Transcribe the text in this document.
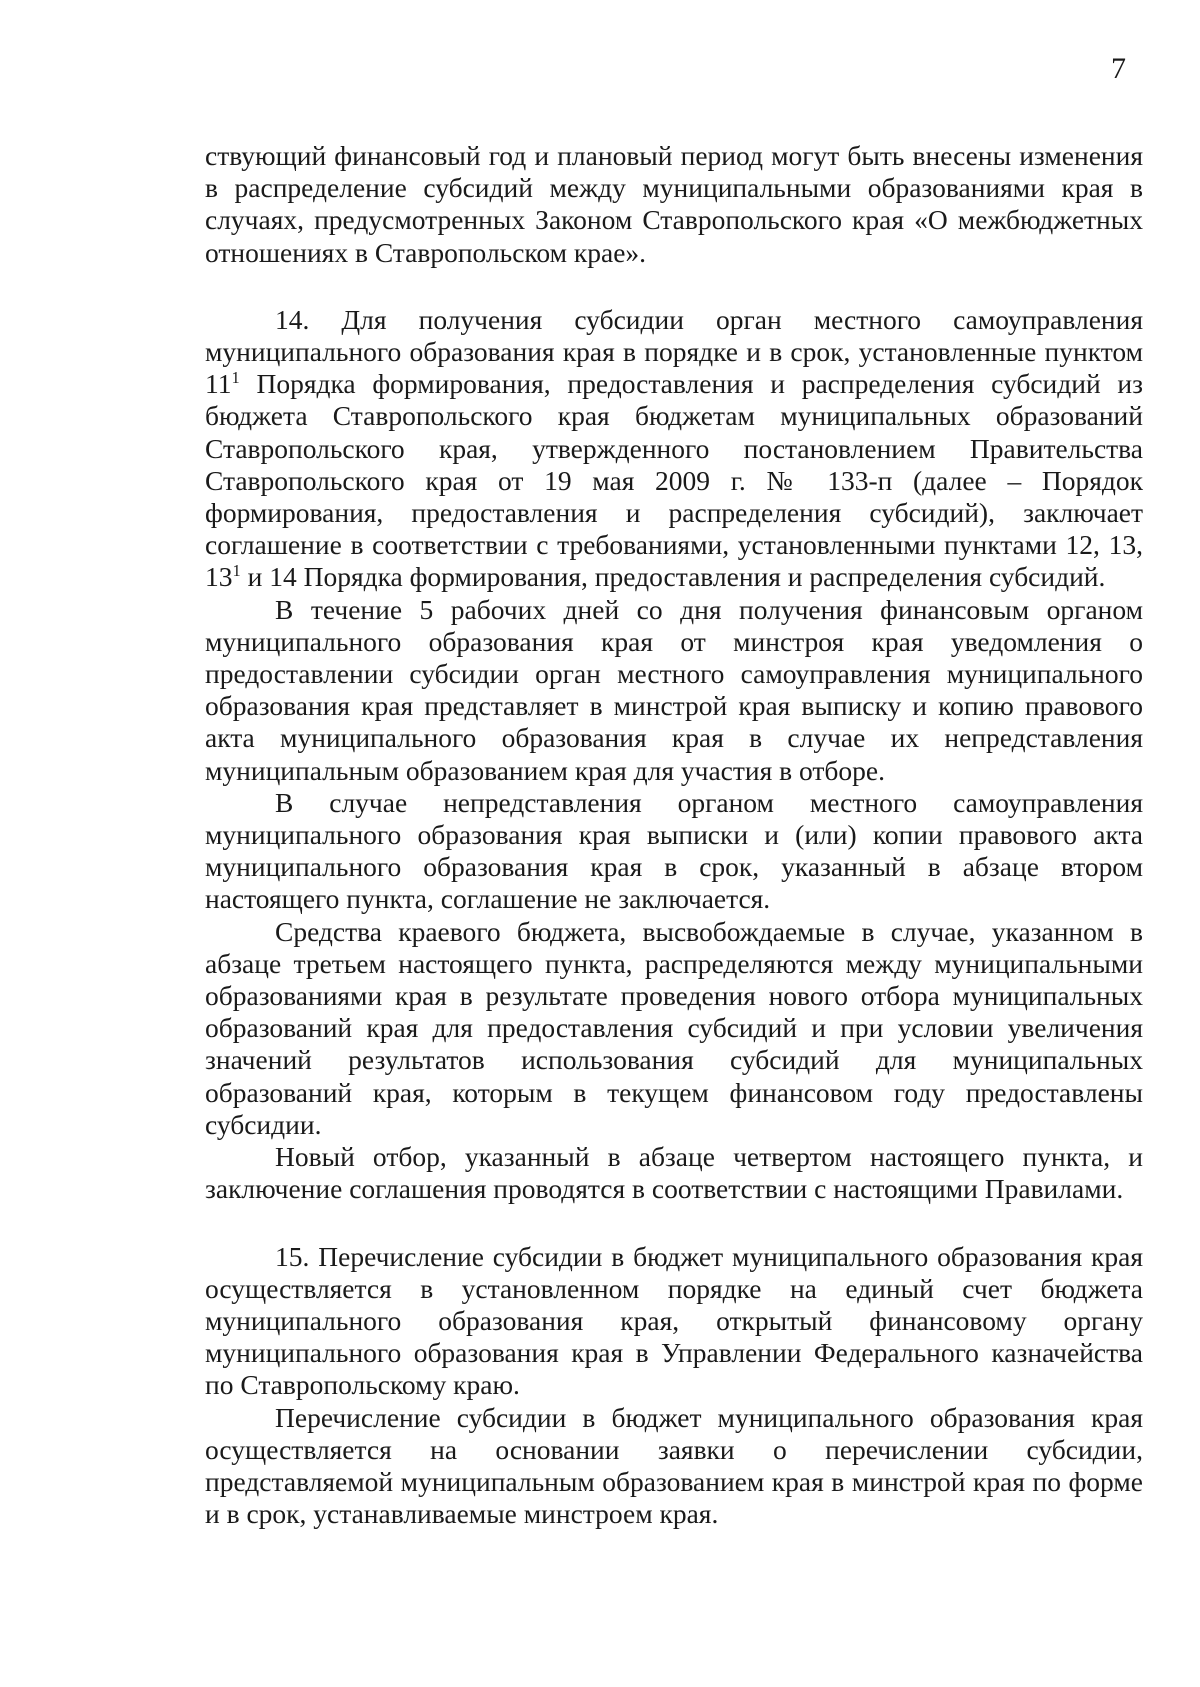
7

ствующий финансовый год и плановый период могут быть внесены изменения в распределение субсидий между муниципальными образованиями края в случаях, предусмотренных Законом Ставропольского края «О межбюджетных отношениях в Ставропольском крае».

14. Для получения субсидии орган местного самоуправления муниципального образования края в порядке и в срок, установленные пунктом $11^1$ Порядка формирования, предоставления и распределения субсидий из бюджета Ставропольского края бюджетам муниципальных образований Ставропольского края, утвержденного постановлением Правительства Ставропольского края от 19 мая 2009 г. № 133-п (далее – Порядок формирования, предоставления и распределения субсидий), заключает соглашение в соответствии с требованиями, установленными пунктами 12, 13, $13^1$ и 14 Порядка формирования, предоставления и распределения субсидий.

В течение 5 рабочих дней со дня получения финансовым органом муниципального образования края от минстроя края уведомления о предоставлении субсидии орган местного самоуправления муниципального образования края представляет в минстрой края выписку и копию правового акта муниципального образования края в случае их непредставления муниципальным образованием края для участия в отборе.

В случае непредставления органом местного самоуправления муниципального образования края выписки и (или) копии правового акта муниципального образования края в срок, указанный в абзаце втором настоящего пункта, соглашение не заключается.

Средства краевого бюджета, высвобождаемые в случае, указанном в абзаце третьем настоящего пункта, распределяются между муниципальными образованиями края в результате проведения нового отбора муниципальных образований края для предоставления субсидий и при условии увеличения значений результатов использования субсидий для муниципальных образований края, которым в текущем финансовом году предоставлены субсидии.

Новый отбор, указанный в абзаце четвертом настоящего пункта, и заключение соглашения проводятся в соответствии с настоящими Правилами.

15. Перечисление субсидии в бюджет муниципального образования края осуществляется в установленном порядке на единый счет бюджета муниципального образования края, открытый финансовому органу муниципального образования края в Управлении Федерального казначейства по Ставропольскому краю.

Перечисление субсидии в бюджет муниципального образования края осуществляется на основании заявки о перечислении субсидии, представляемой муниципальным образованием края в минстрой края по форме и в срок, устанавливаемые минстроем края.
